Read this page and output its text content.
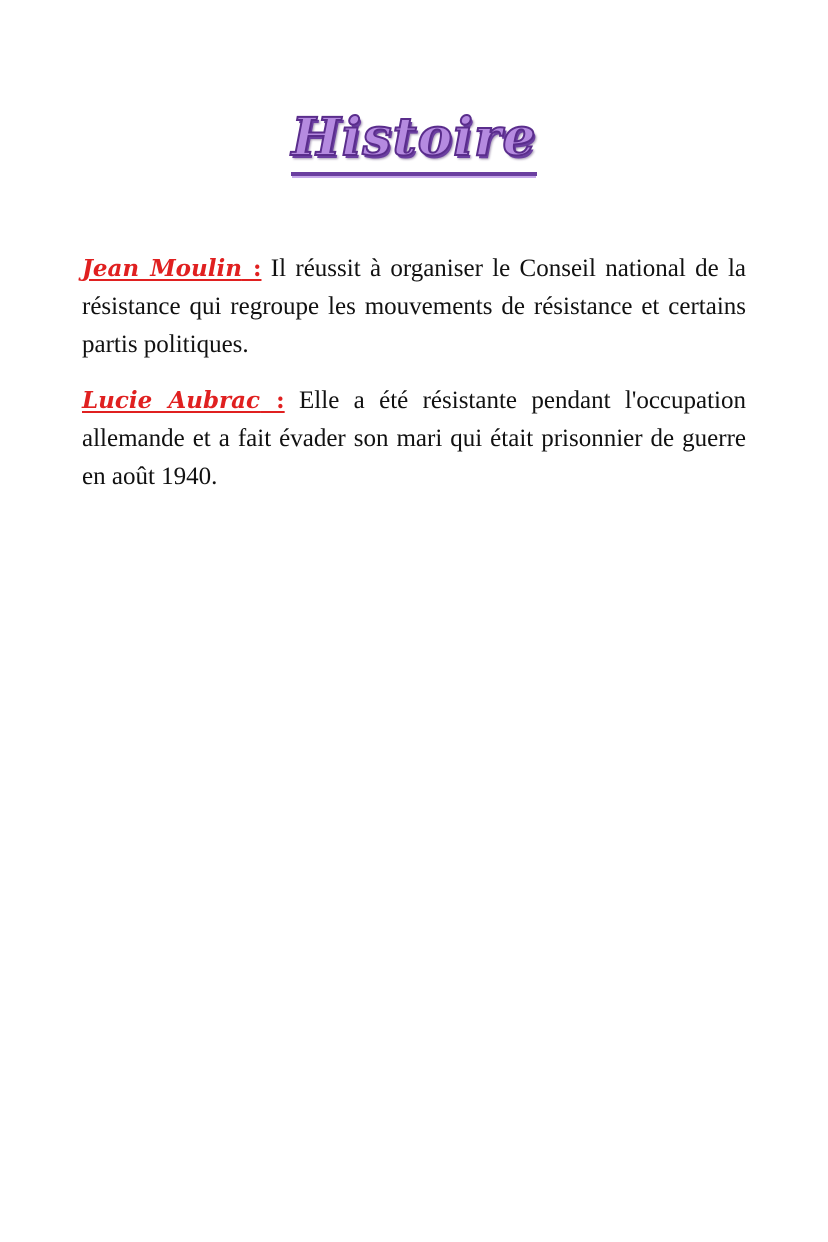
Histoire

Jean Moulin : Il réussit à organiser le Conseil national de la résistance qui regroupe les mouvements de résistance et certains partis politiques.

Lucie Aubrac : Elle a été résistante pendant l'occupation allemande et a fait évader son mari qui était prisonnier de guerre en août 1940.
